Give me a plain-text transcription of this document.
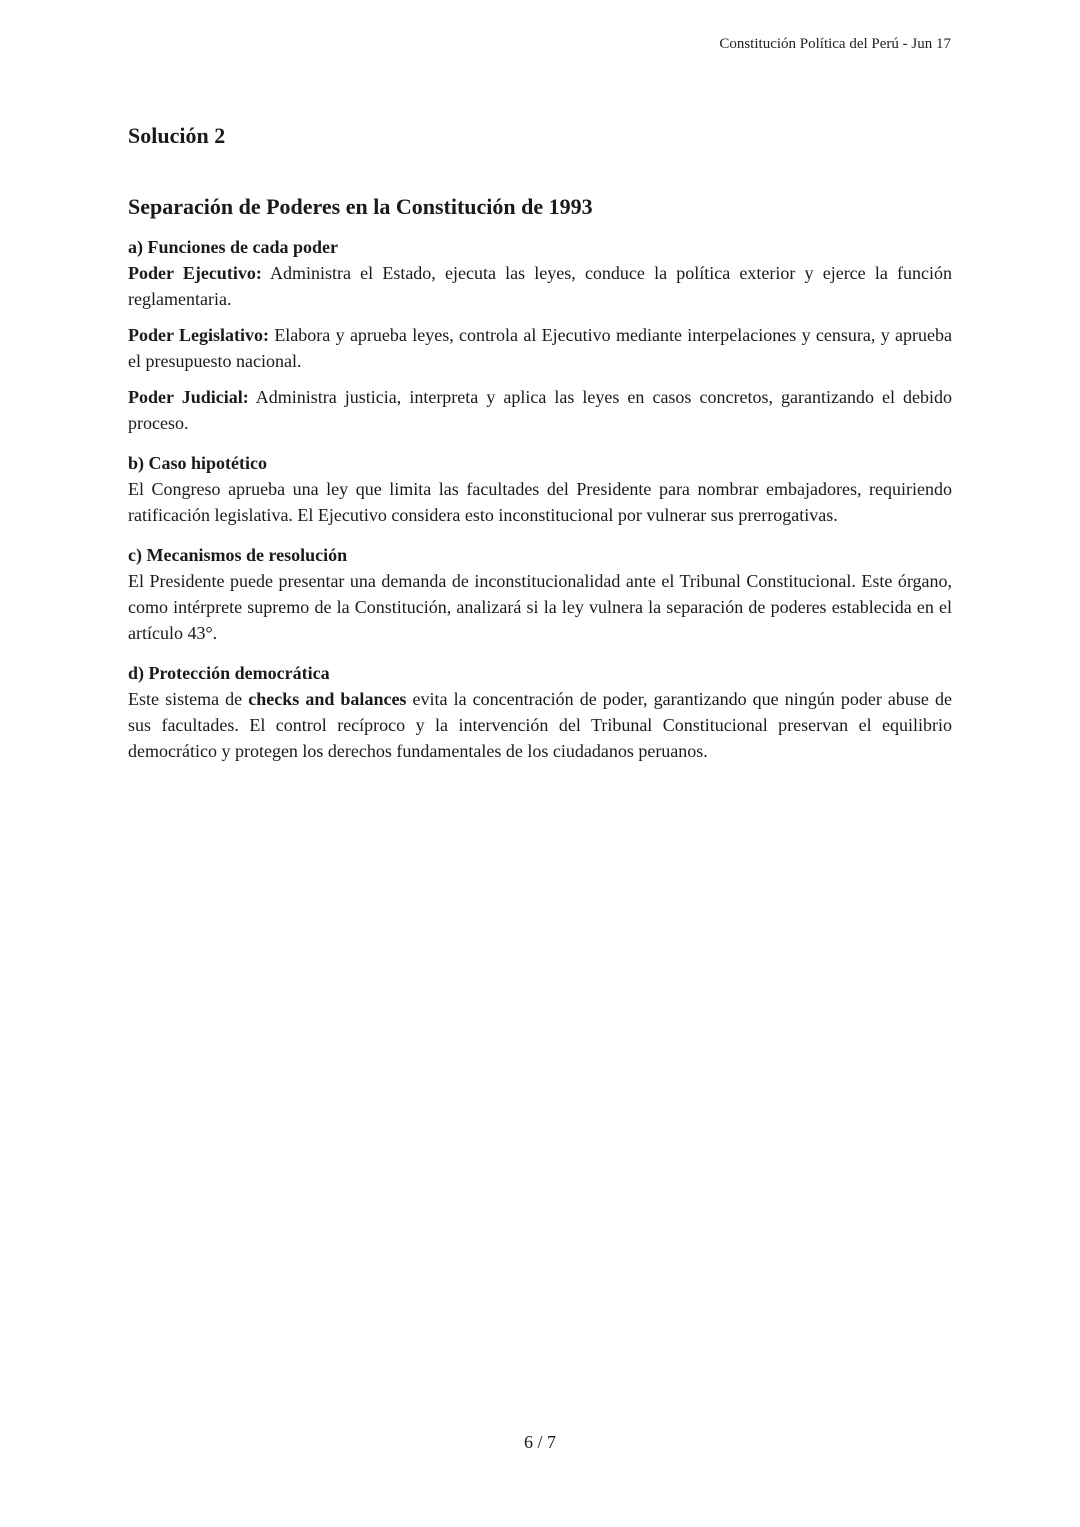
Constitución Política del Perú - Jun 17
Solución 2
Separación de Poderes en la Constitución de 1993
a) Funciones de cada poder

Poder Ejecutivo: Administra el Estado, ejecuta las leyes, conduce la política exterior y ejerce la función reglamentaria.

Poder Legislativo: Elabora y aprueba leyes, controla al Ejecutivo mediante interpelaciones y censura, y aprueba el presupuesto nacional.

Poder Judicial: Administra justicia, interpreta y aplica las leyes en casos concretos, garantizando el debido proceso.

b) Caso hipotético

El Congreso aprueba una ley que limita las facultades del Presidente para nombrar embajadores, requiriendo ratificación legislativa. El Ejecutivo considera esto inconstitucional por vulnerar sus prerrogativas.

c) Mecanismos de resolución

El Presidente puede presentar una demanda de inconstitucionalidad ante el Tribunal Constitucional. Este órgano, como intérprete supremo de la Constitución, analizará si la ley vulnera la separación de poderes establecida en el artículo 43°.

d) Protección democrática

Este sistema de checks and balances evita la concentración de poder, garantizando que ningún poder abuse de sus facultades. El control recíproco y la intervención del Tribunal Constitucional preservan el equilibrio democrático y protegen los derechos fundamentales de los ciudadanos peruanos.

6 / 7
